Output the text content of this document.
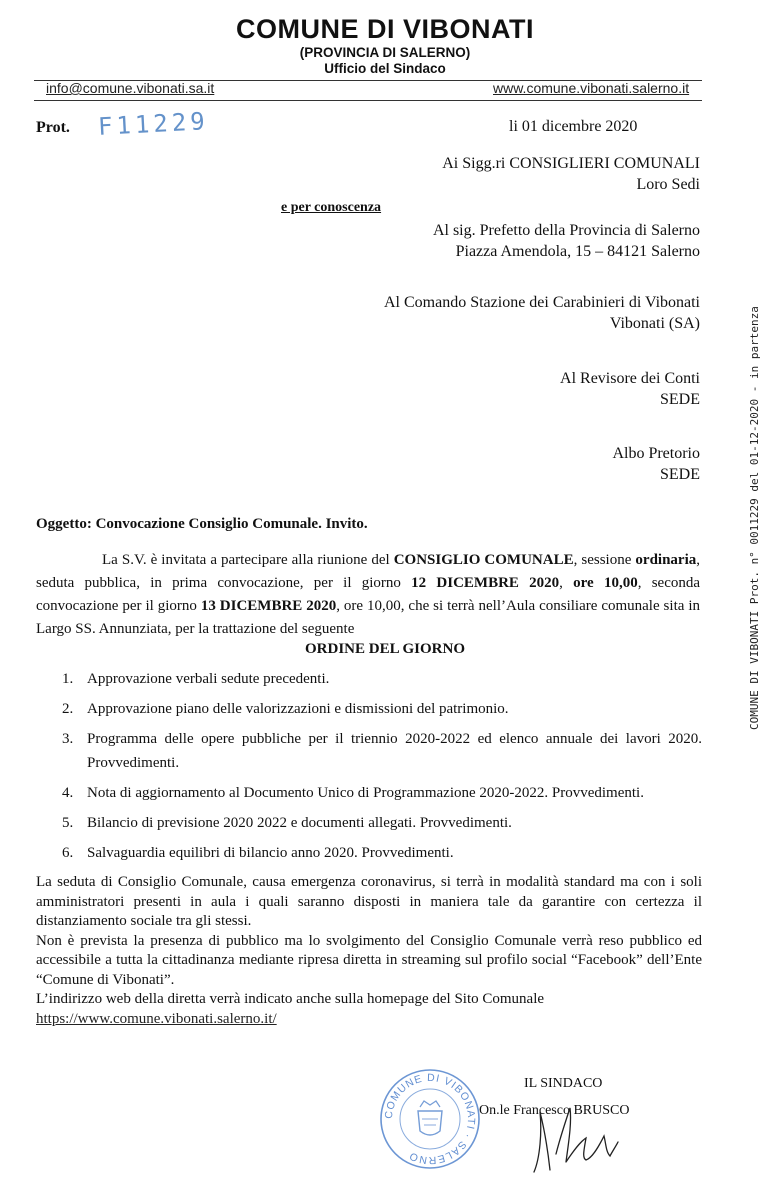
COMUNE DI VIBONATI
(PROVINCIA DI SALERNO)
Ufficio del Sindaco
info@comune.vibonati.sa.it	www.comune.vibonati.salerno.it
Prot. F11229	li 01 dicembre 2020
Ai Sigg.ri CONSIGLIERI COMUNALI
Loro Sedi
e per conoscenza
Al sig. Prefetto della Provincia di Salerno
Piazza Amendola, 15 – 84121 Salerno
Al Comando Stazione dei Carabinieri di Vibonati
Vibonati (SA)
Al Revisore dei Conti
SEDE
Albo Pretorio
SEDE
Oggetto: Convocazione Consiglio Comunale. Invito.
La S.V. è invitata a partecipare alla riunione del CONSIGLIO COMUNALE, sessione ordinaria, seduta pubblica, in prima convocazione, per il giorno 12 DICEMBRE 2020, ore 10,00, seconda convocazione per il giorno 13 DICEMBRE 2020, ore 10,00, che si terrà nell’Aula consiliare comunale sita in Largo SS. Annunziata, per la trattazione del seguente
ORDINE DEL GIORNO
1. Approvazione verbali sedute precedenti.
2. Approvazione piano delle valorizzazioni e dismissioni del patrimonio.
3. Programma delle opere pubbliche per il triennio 2020-2022 ed elenco annuale dei lavori 2020. Provvedimenti.
4. Nota di aggiornamento al Documento Unico di Programmazione 2020-2022. Provvedimenti.
5. Bilancio di previsione 2020 2022 e documenti allegati. Provvedimenti.
6. Salvaguardia equilibri di bilancio anno 2020. Provvedimenti.

La seduta di Consiglio Comunale, causa emergenza coronavirus, si terrà in modalità standard ma con i soli amministratori presenti in aula i quali saranno disposti in maniera tale da garantire con certezza il distanziamento sociale tra gli stessi.

Non è prevista la presenza di pubblico ma lo svolgimento del Consiglio Comunale verrà reso pubblico ed accessibile a tutta la cittadinanza mediante ripresa diretta in streaming sul profilo social “Facebook” dell’Ente “Comune di Vibonati”.

L’indirizzo web della diretta verrà indicato anche sulla homepage del Sito Comunale

https://www.comune.vibonati.salerno.it/
COMUNE DI VIBONATI · SALERNO
IL SINDACO
On.le Francesco BRUSCO
COMUNE DI VIBONATI Prot. n° 0011229 del 01-12-2020 - in partenza
